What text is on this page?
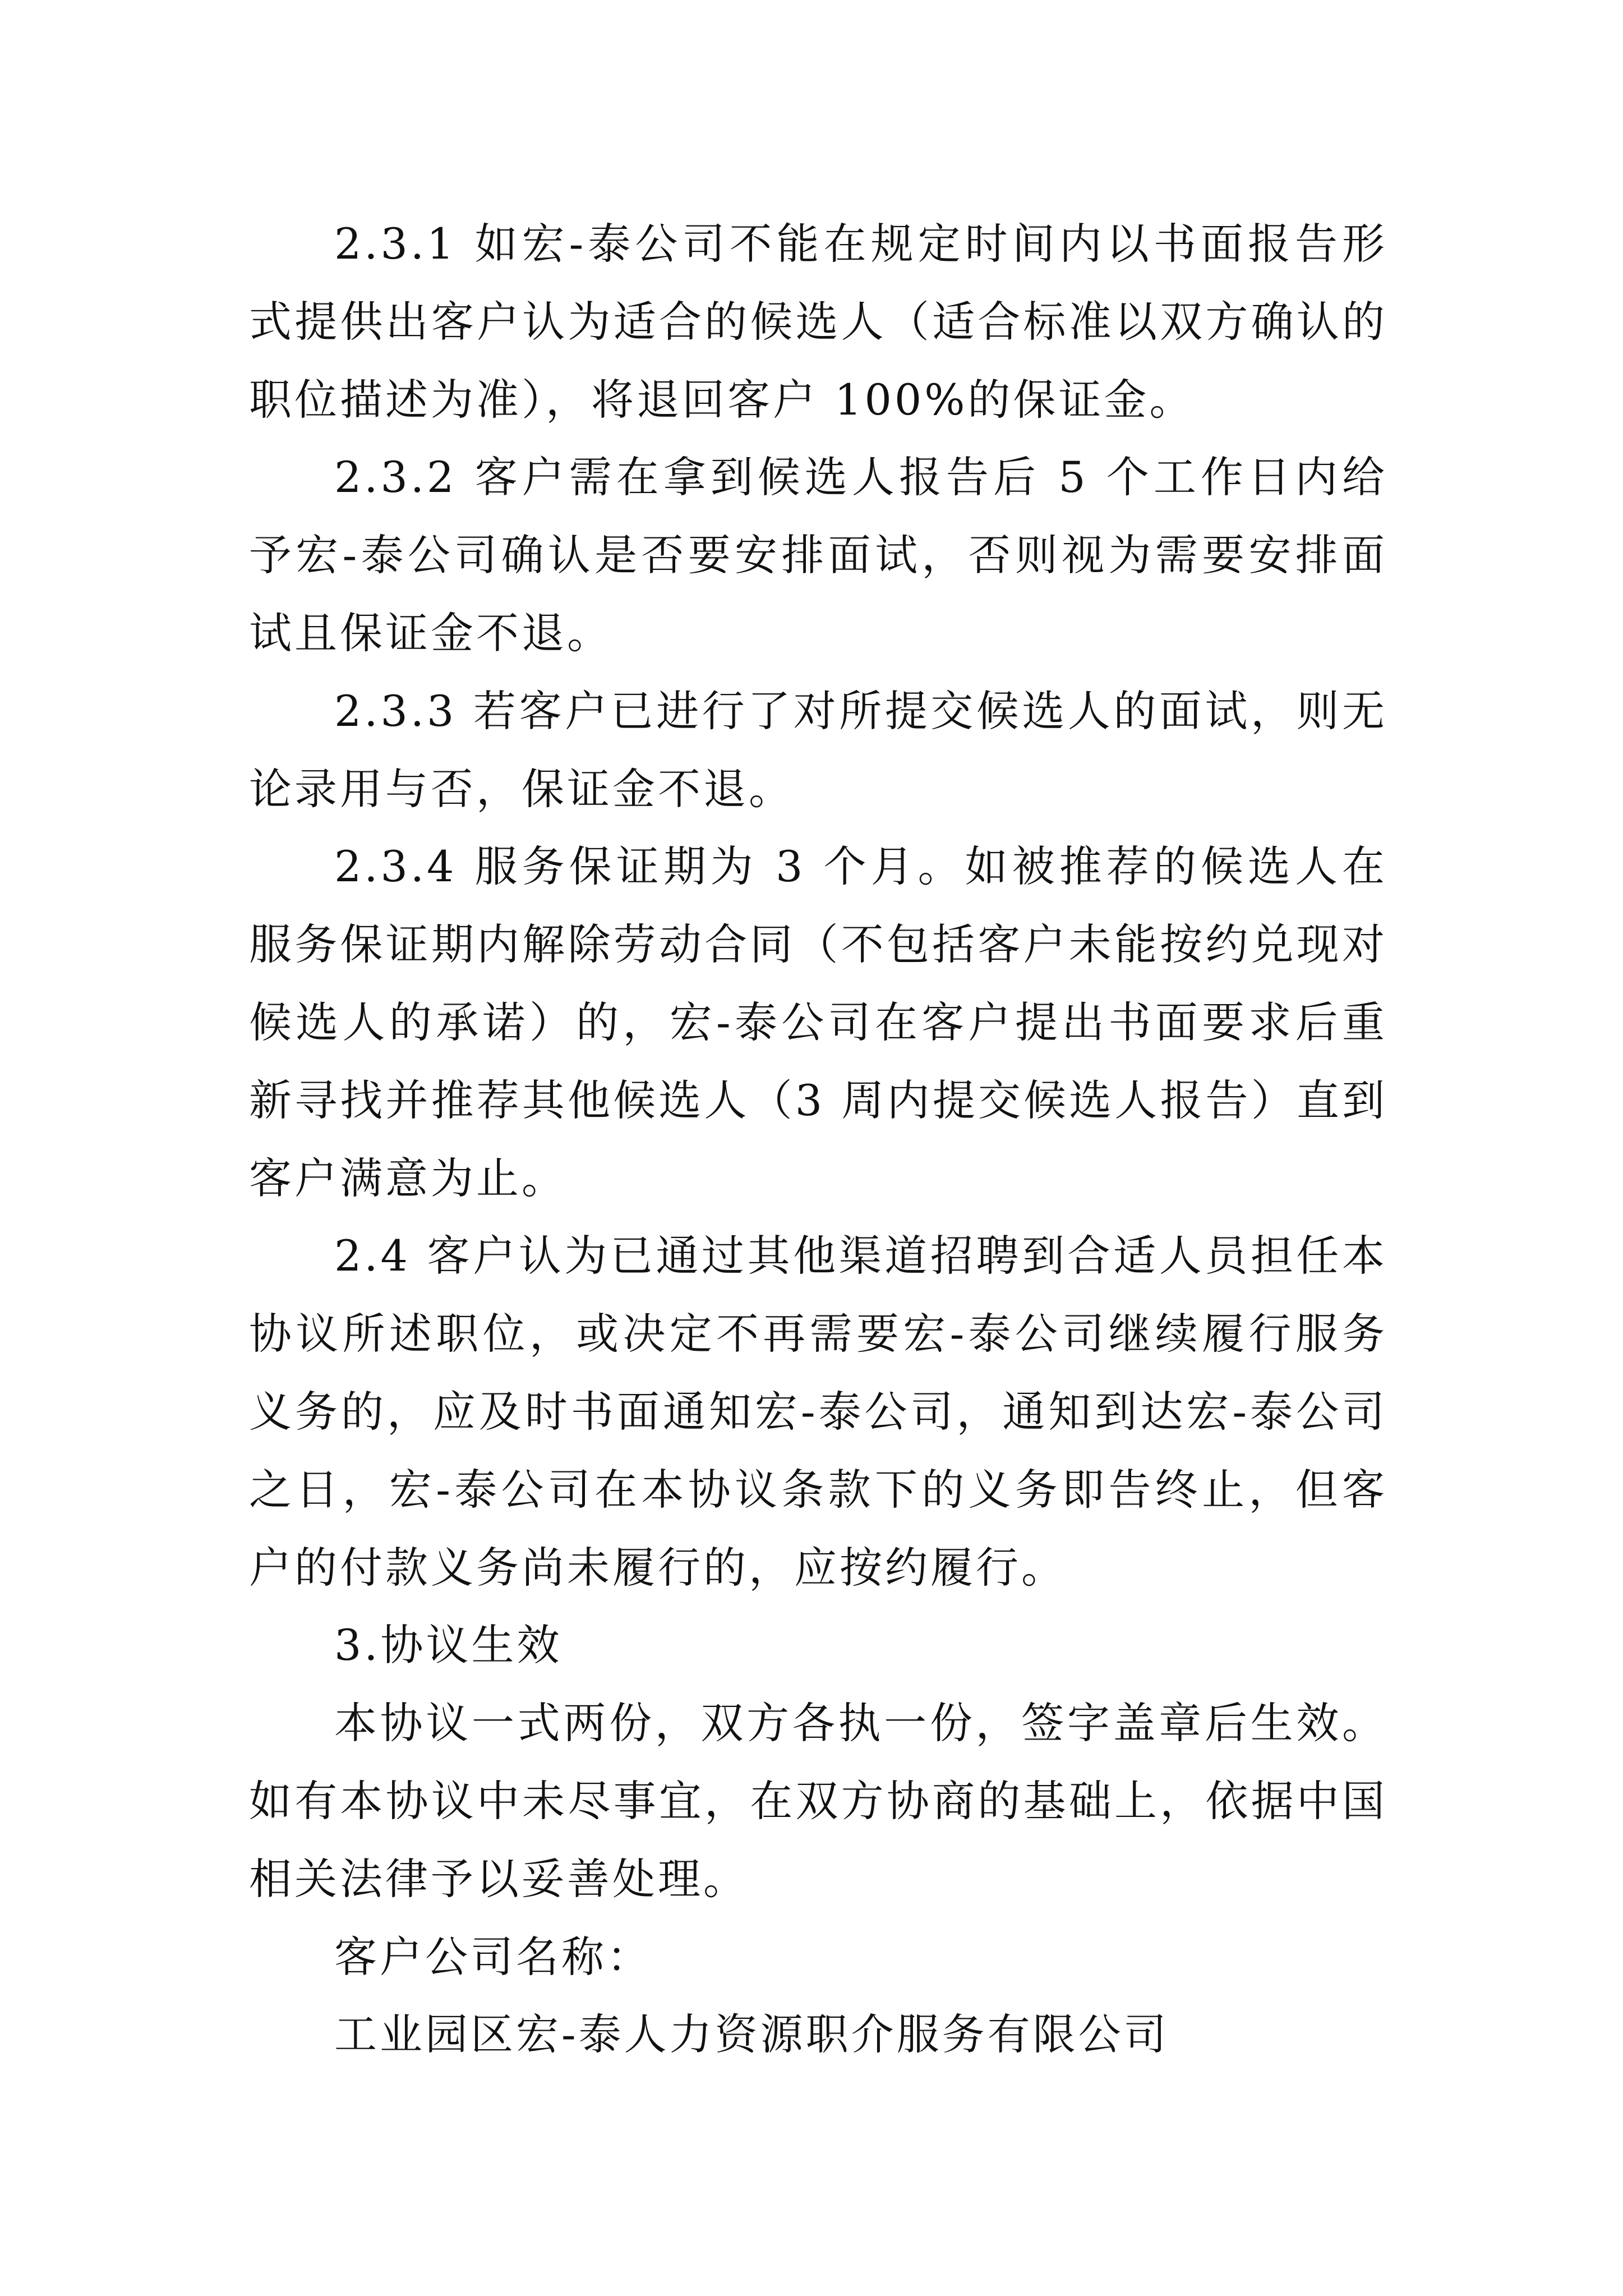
2.3.1 如宏-泰公司不能在规定时间内以书面报告形式提供出客户认为适合的候选人（适合标准以双方确认的职位描述为准），将退回客户 100%的保证金。

2.3.2 客户需在拿到候选人报告后 5 个工作日内给予宏-泰公司确认是否要安排面试，否则视为需要安排面试且保证金不退。

2.3.3 若客户已进行了对所提交候选人的面试，则无论录用与否，保证金不退。

2.3.4 服务保证期为 3 个月。如被推荐的候选人在服务保证期内解除劳动合同（不包括客户未能按约兑现对候选人的承诺）的，宏-泰公司在客户提出书面要求后重新寻找并推荐其他候选人（3 周内提交候选人报告）直到客户满意为止。

2.4 客户认为已通过其他渠道招聘到合适人员担任本协议所述职位，或决定不再需要宏-泰公司继续履行服务义务的，应及时书面通知宏-泰公司，通知到达宏-泰公司之日，宏-泰公司在本协议条款下的义务即告终止，但客户的付款义务尚未履行的，应按约履行。

3.协议生效

本协议一式两份，双方各执一份，签字盖章后生效。如有本协议中未尽事宜，在双方协商的基础上，依据中国相关法律予以妥善处理。

客户公司名称：

工业园区宏-泰人力资源职介服务有限公司
